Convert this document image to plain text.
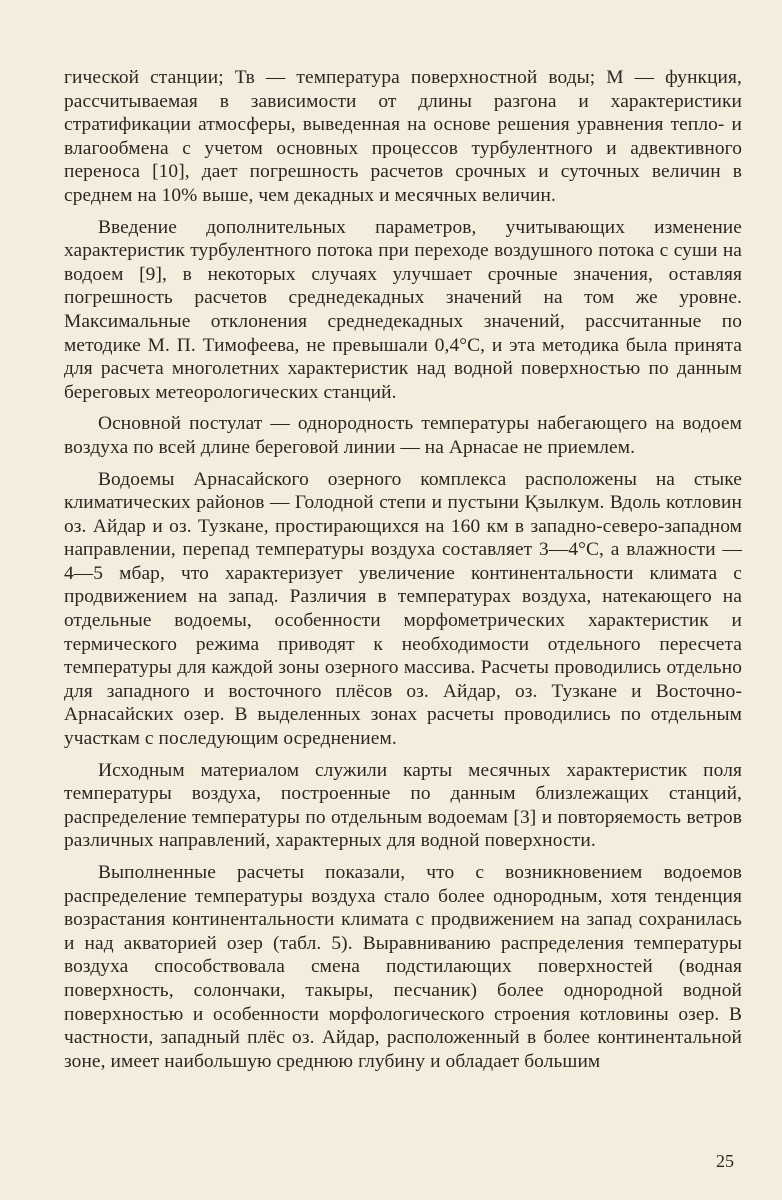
гической станции; Тв — температура поверхностной воды; М — функция, рассчитываемая в зависимости от длины разгона и характеристики стратификации атмосферы, выведенная на основе решения уравнения тепло- и влагообмена с учетом основных процессов турбулентного и адвективного переноса [10], дает погрешность расчетов срочных и суточных величин в среднем на 10% выше, чем декадных и месячных величин.

Введение дополнительных параметров, учитывающих изменение характеристик турбулентного потока при переходе воздушного потока с суши на водоем [9], в некоторых случаях улучшает срочные значения, оставляя погрешность расчетов среднедекадных значений на том же уровне. Максимальные отклонения среднедекадных значений, рассчитанные по методике М. П. Тимофеева, не превышали 0,4°С, и эта методика была принята для расчета многолетних характеристик над водной поверхностью по данным береговых метеорологических станций.

Основной постулат — однородность температуры набегающего на водоем воздуха по всей длине береговой линии — на Арнасае не приемлем.

Водоемы Арнасайского озерного комплекса расположены на стыке климатических районов — Голодной степи и пустыни Қзылкум. Вдоль котловин оз. Айдар и оз. Тузкане, простирающихся на 160 км в западно-северо-западном направлении, перепад температуры воздуха составляет 3—4°С, а влажности — 4—5 мбар, что характеризует увеличение континентальности климата с продвижением на запад. Различия в температурах воздуха, натекающего на отдельные водоемы, особенности морфометрических характеристик и термического режима приводят к необходимости отдельного пересчета температуры для каждой зоны озерного массива. Расчеты проводились отдельно для западного и восточного плёсов оз. Айдар, оз. Тузкане и Восточно-Арнасайских озер. В выделенных зонах расчеты проводились по отдельным участкам с последующим осреднением.

Исходным материалом служили карты месячных характеристик поля температуры воздуха, построенные по данным близлежащих станций, распределение температуры по отдельным водоемам [3] и повторяемость ветров различных направлений, характерных для водной поверхности.

Выполненные расчеты показали, что с возникновением водоемов распределение температуры воздуха стало более однородным, хотя тенденция возрастания континентальности климата с продвижением на запад сохранилась и над акваторией озер (табл. 5). Выравниванию распределения температуры воздуха способствовала смена подстилающих поверхностей (водная поверхность, солончаки, такыры, песчаник) более однородной водной поверхностью и особенности морфологического строения котловины озер. В частности, западный плёс оз. Айдар, расположенный в более континентальной зоне, имеет наибольшую среднюю глубину и обладает большим

25
